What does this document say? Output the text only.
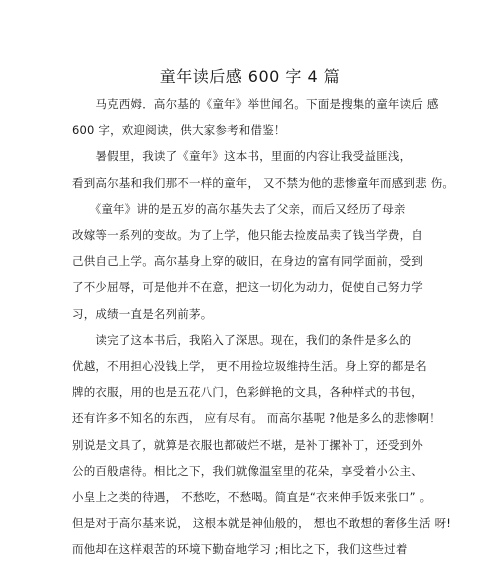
童年读后感 600 字 4 篇
　　马克西姆．高尔基的《童年》举世闻名。下面是搜集的童年读后 感
600 字，欢迎阅读，供大家参考和借鉴！
　　暑假里，我读了《童年》这本书，里面的内容让我受益匪浅，
看到高尔基和我们那不一样的童年， 又不禁为他的悲惨童年而感到悲 伤。
　　《童年》讲的是五岁的高尔基失去了父亲，而后又经历了母亲
改嫁等一系列的变故。为了上学，他只能去捡废品卖了钱当学费，自
己供自己上学。高尔基身上穿的破旧，在身边的富有同学面前，受到
了不少屈辱，可是他并不在意，把这一切化为动力，促使自己努力学
习，成绩一直是名列前茅。
　　读完了这本书后，我陷入了深思。现在，我们的条件是多么的
优越，不用担心没钱上学， 更不用捡垃圾维持生活。身上穿的都是名
牌的衣服，用的也是五花八门，色彩鲜艳的文具，各种样式的书包，
还有许多不知名的东西， 应有尽有。 而高尔基呢 ?他是多么的悲惨啊！
别说是文具了，就算是衣服也都破烂不堪，是补丁摞补丁，还受到外
公的百般虐待。相比之下，我们就像温室里的花朵，享受着小公主、
小皇上之类的待遇， 不愁吃，不愁喝。简直是“衣来伸手饭来张口” 。
但是对于高尔基来说， 这根本就是神仙般的， 想也不敢想的奢侈生活 呀!
而他却在这样艰苦的环境下勤奋地学习 ;相比之下，我们这些过着
